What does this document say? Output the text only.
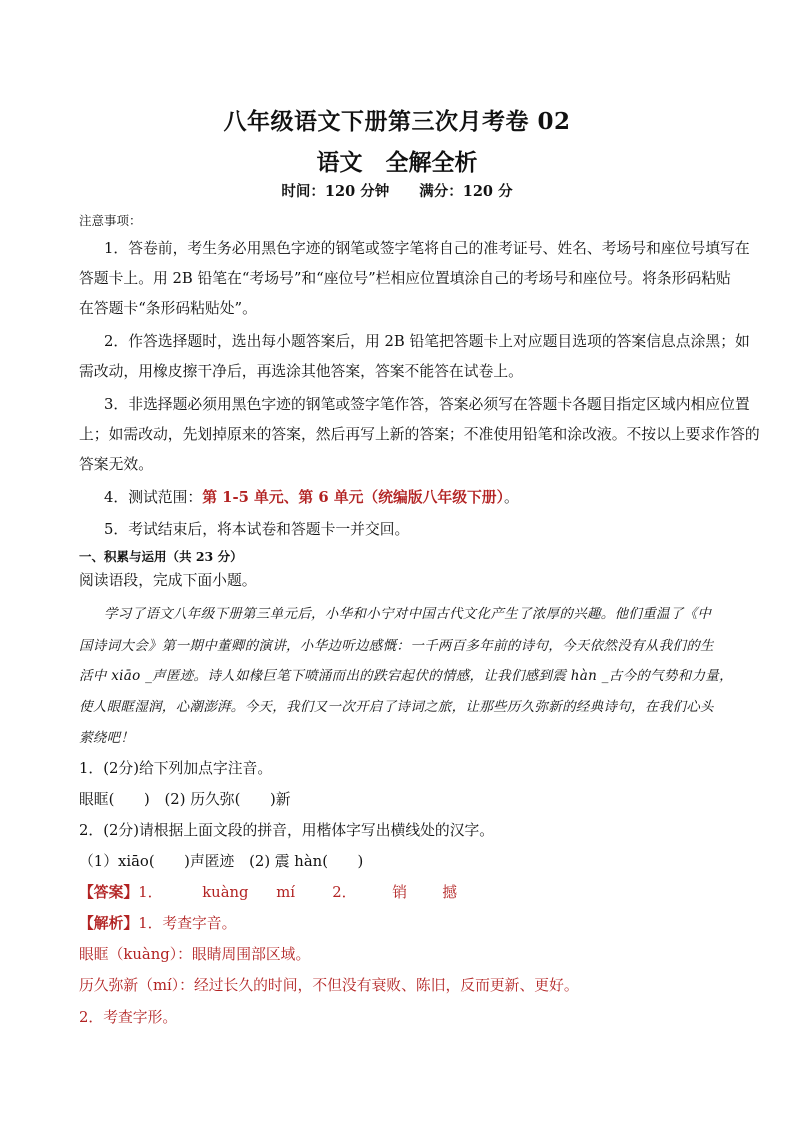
八年级语文下册第三次月考卷 02
语文　全解全析
时间：120 分钟 满分：120 分
注意事项：
1．答卷前，考生务必用黑色字迹的钢笔或签字笔将自己的准考证号、姓名、考场号和座位号填写在
答题卡上。用 2B 铅笔在“考场号”和“座位号”栏相应位置填涂自己的考场号和座位号。将条形码粘贴
在答题卡“条形码粘贴处”。
2．作答选择题时，选出每小题答案后，用 2B 铅笔把答题卡上对应题目选项的答案信息点涂黑；如
需改动，用橡皮擦干净后，再选涂其他答案，答案不能答在试卷上。
3．非选择题必须用黑色字迹的钢笔或签字笔作答，答案必须写在答题卡各题目指定区域内相应位置
上；如需改动，先划掉原来的答案，然后再写上新的答案；不准使用铅笔和涂改液。不按以上要求作答的
答案无效。
4．测试范围：第 1-5 单元、第 6 单元（统编版八年级下册）。
5．考试结束后，将本试卷和答题卡一并交回。
一、积累与运用（共 23 分）
阅读语段，完成下面小题。
学习了语文八年级下册第三单元后，小华和小宁对中国古代文化产生了浓厚的兴趣。他们重温了《中
国诗词大会》第一期中董卿的演讲，小华边听边感慨：一千两百多年前的诗句，今天依然没有从我们的生
活中 xiāo _声匿迹。诗人如椽巨笔下喷涌而出的跌宕起伏的情感，让我们感到震 hàn _古今的气势和力量，
使人眼眶湿润，心潮澎湃。今天，我们又一次开启了诗词之旅，让那些历久弥新的经典诗句，在我们心头
萦绕吧！
1．(2分)给下列加点字注音。
眼眶(　　)　(2) 历久弥(　　)新
2．(2分)请根据上面文段的拼音，用楷体字写出横线处的汉字。
（1）xiāo(　　)声匿迹　(2) 震 hàn(　　)
【答案】1．	kuàng mí	2． 销 撼
【解析】1．考查字音。
眼眶（kuàng）：眼睛周围部区域。
历久弥新（mí）：经过长久的时间，不但没有衰败、陈旧，反而更新、更好。
2．考查字形。
